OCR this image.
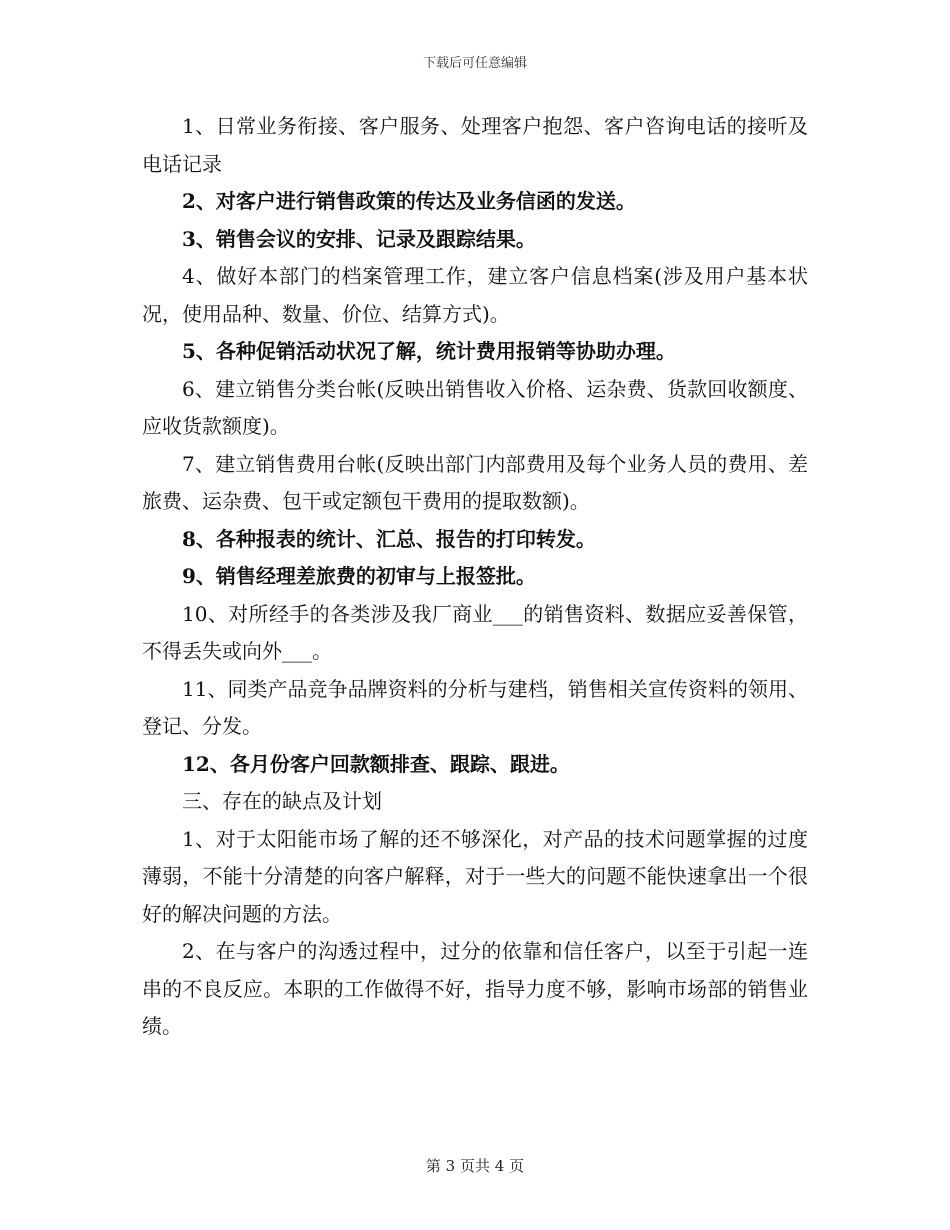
下载后可任意编辑

1、日常业务衔接、客户服务、处理客户抱怨、客户咨询电话的接听及电话记录

2、对客户进行销售政策的传达及业务信函的发送。

3、销售会议的安排、记录及跟踪结果。

4、做好本部门的档案管理工作，建立客户信息档案(涉及用户基本状况，使用品种、数量、价位、结算方式)。

5、各种促销活动状况了解，统计费用报销等协助办理。

6、建立销售分类台帐(反映出销售收入价格、运杂费、货款回收额度、应收货款额度)。

7、建立销售费用台帐(反映出部门内部费用及每个业务人员的费用、差旅费、运杂费、包干或定额包干费用的提取数额)。

8、各种报表的统计、汇总、报告的打印转发。

9、销售经理差旅费的初审与上报签批。

10、对所经手的各类涉及我厂商业___的销售资料、数据应妥善保管，不得丢失或向外___。

11、同类产品竞争品牌资料的分析与建档，销售相关宣传资料的领用、登记、分发。

12、各月份客户回款额排查、跟踪、跟进。

三、存在的缺点及计划

1、对于太阳能市场了解的还不够深化，对产品的技术问题掌握的过度薄弱，不能十分清楚的向客户解释，对于一些大的问题不能快速拿出一个很好的解决问题的方法。

2、在与客户的沟透过程中，过分的依靠和信任客户，以至于引起一连串的不良反应。本职的工作做得不好，指导力度不够，影响市场部的销售业绩。

第 3 页共 4 页
